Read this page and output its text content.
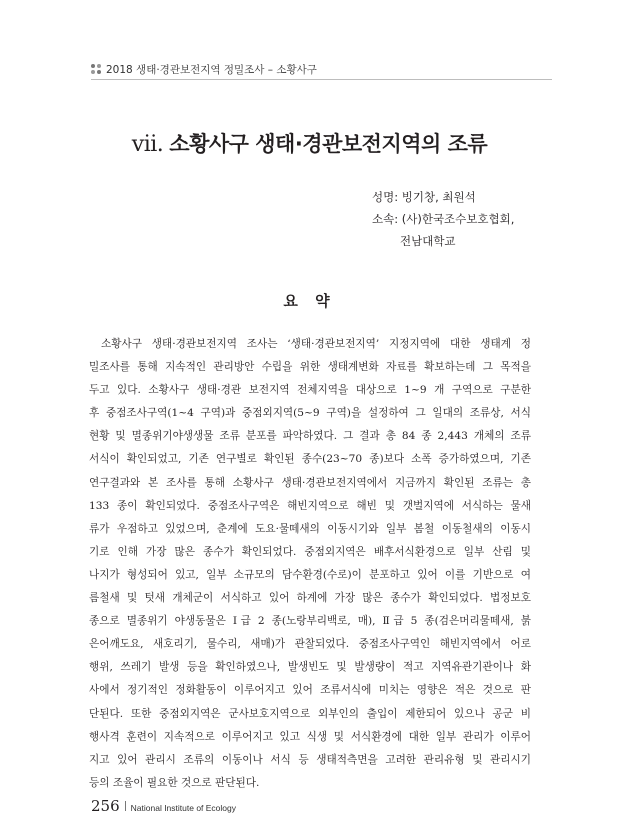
2018 생태·경관보전지역 정밀조사 – 소황사구
vii. 소황사구 생태·경관보전지역의 조류
성명: 빙기창, 최원석
소속: (사)한국조수보호협회,
전남대학교
요 약
소황사구 생태·경관보전지역 조사는 ‘생태·경관보전지역’ 지정지역에 대한 생태계 정
밀조사를 통해 지속적인 관리방안 수립을 위한 생태계변화 자료를 확보하는데 그 목적을
두고 있다. 소황사구 생태·경관 보전지역 전체지역을 대상으로 1~9 개 구역으로 구분한
후 중점조사구역(1~4 구역)과 중점외지역(5~9 구역)을 설정하여 그 일대의 조류상, 서식
현황 및 멸종위기야생생물 조류 분포를 파악하였다. 그 결과 총 84 종 2,443 개체의 조류
서식이 확인되었고, 기존 연구별로 확인된 종수(23~70 종)보다 소폭 증가하였으며, 기존
연구결과와 본 조사를 통해 소황사구 생태·경관보전지역에서 지금까지 확인된 조류는 총
133 종이 확인되었다. 중점조사구역은 해빈지역으로 해빈 및 갯벌지역에 서식하는 물새
류가 우점하고 있었으며, 춘계에 도요·물떼새의 이동시기와 일부 봄철 이동철새의 이동시
기로 인해 가장 많은 종수가 확인되었다. 중점외지역은 배후서식환경으로 일부 산림 및
나지가 형성되어 있고, 일부 소규모의 담수환경(수로)이 분포하고 있어 이를 기반으로 여
름철새 및 텃새 개체군이 서식하고 있어 하계에 가장 많은 종수가 확인되었다. 법정보호
종으로 멸종위기 야생동물은 Ⅰ급 2 종(노랑부리백로, 매), Ⅱ급 5 종(검은머리물떼새, 붉
은어깨도요, 새호리기, 물수리, 새매)가 관찰되었다. 중점조사구역인 해빈지역에서 어로
행위, 쓰레기 발생 등을 확인하였으나, 발생빈도 및 발생량이 적고 지역유관기관이나 화
사에서 정기적인 정화활동이 이루어지고 있어 조류서식에 미치는 영향은 적은 것으로 판
단된다. 또한 중점외지역은 군사보호지역으로 외부인의 출입이 제한되어 있으나 공군 비
행사격 훈련이 지속적으로 이루어지고 있고 식생 및 서식환경에 대한 일부 관리가 이루어
지고 있어 관리시 조류의 이동이나 서식 등 생태적측면을 고려한 관리유형 및 관리시기
등의 조율이 필요한 것으로 판단된다.
256 National Institute of Ecology
